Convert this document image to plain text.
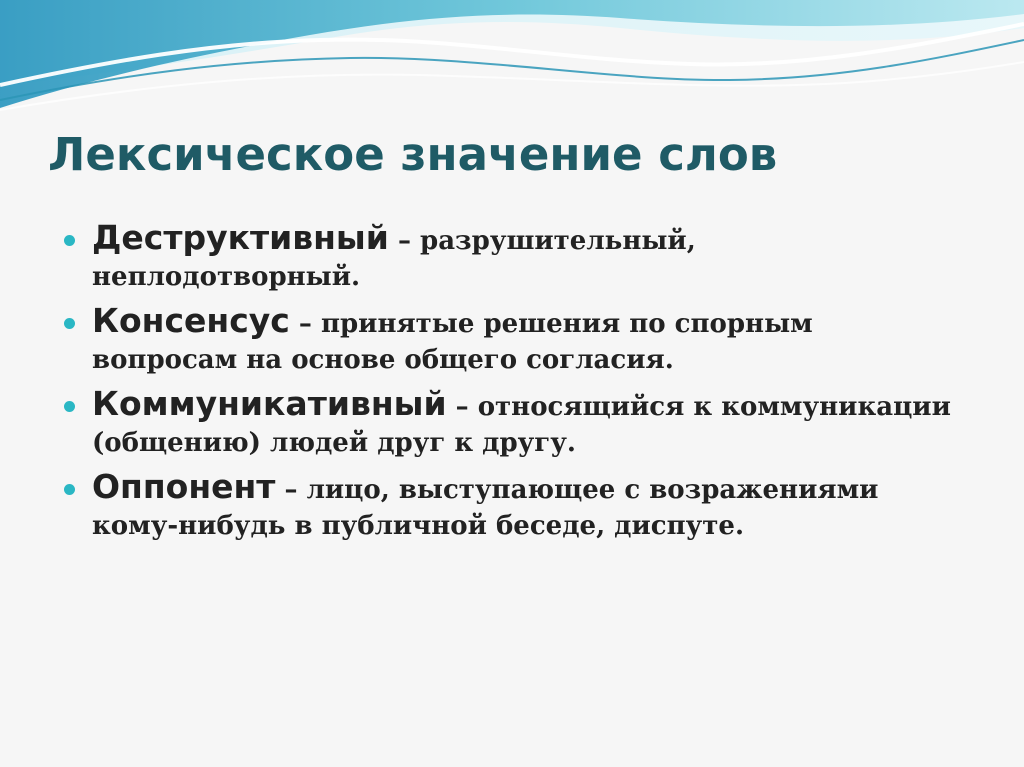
Лексическое значение слов
Деструктивный – разрушительный, неплодотворный.
Консенсус – принятые решения по спорным вопросам на основе общего согласия.
Коммуникативный – относящийся к коммуникации (общению) людей друг к другу.
Оппонент – лицо, выступающее с возражениями кому-нибудь в публичной беседе, диспуте.
